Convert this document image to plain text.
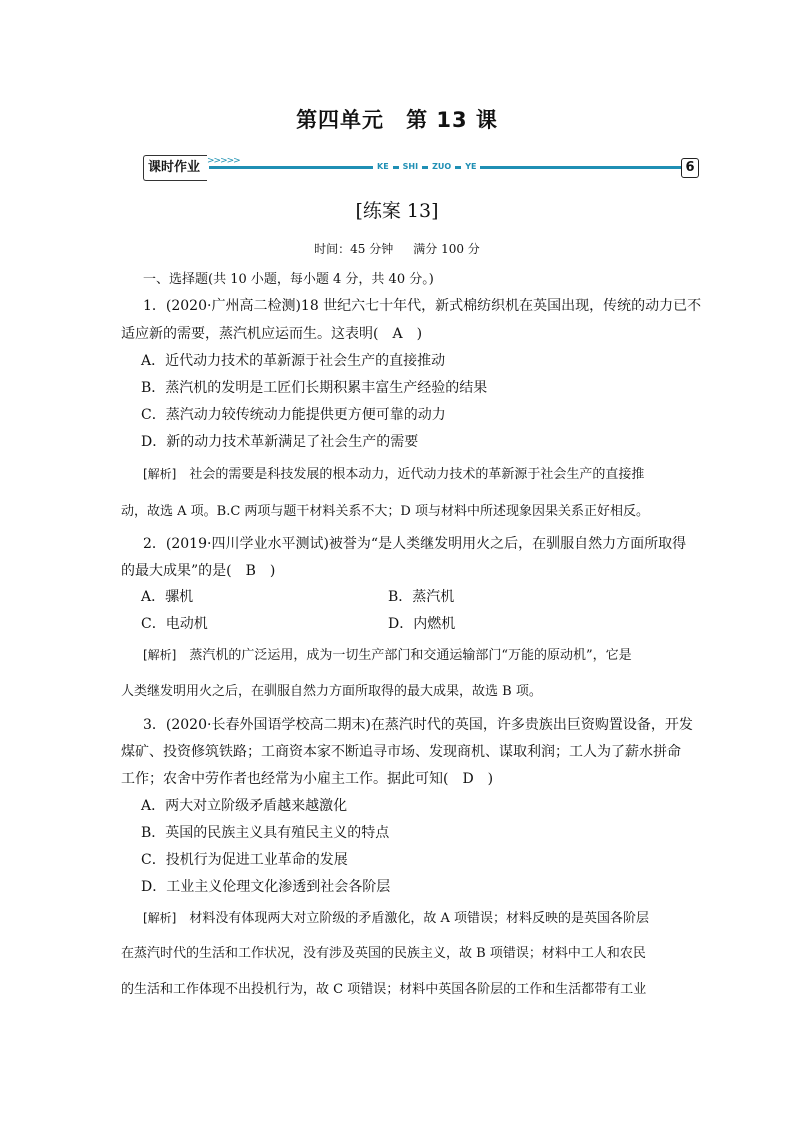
第四单元 第 13 课
课时作业 >>>>>
KE	SHI	ZUO	YE	6
[练案 13]
时间：45 分钟 满分 100 分
一、选择题(共 10 小题，每小题 4 分，共 40 分。)
1．(2020·广州高二检测)18 世纪六七十年代，新式棉纺织机在英国出现，传统的动力已不
适应新的需要，蒸汽机应运而生。这表明(　A　)
A．近代动力技术的革新源于社会生产的直接推动
B．蒸汽机的发明是工匠们长期积累丰富生产经验的结果
C．蒸汽动力较传统动力能提供更方便可靠的动力
D．新的动力技术革新满足了社会生产的需要
[解析]　 社会的需要是科技发展的根本动力，近代动力技术的革新源于社会生产的直接推
动，故选 A 项。B.C 两项与题干材料关系不大；D 项与材料中所述现象因果关系正好相反。
2．(2019·四川学业水平测试)被誉为“是人类继发明用火之后，在驯服自然力方面所取得
的最大成果”的是(　B　)
A．骡机	B．蒸汽机
C．电动机	D．内燃机
[解析]　 蒸汽机的广泛运用，成为一切生产部门和交通运输部门“万能的原动机”，它是
人类继发明用火之后，在驯服自然力方面所取得的最大成果，故选 B 项。
3．(2020·长春外国语学校高二期末)在蒸汽时代的英国，许多贵族出巨资购置设备，开发
煤矿、投资修筑铁路；工商资本家不断追寻市场、发现商机、谋取利润；工人为了薪水拼命
工作；农舍中劳作者也经常为小雇主工作。据此可知(　D　)
A．两大对立阶级矛盾越来越激化
B．英国的民族主义具有殖民主义的特点
C．投机行为促进工业革命的发展
D．工业主义伦理文化渗透到社会各阶层
[解析]　 材料没有体现两大对立阶级的矛盾激化，故 A 项错误；材料反映的是英国各阶层
在蒸汽时代的生活和工作状况，没有涉及英国的民族主义，故 B 项错误；材料中工人和农民
的生活和工作体现不出投机行为，故 C 项错误；材料中英国各阶层的工作和生活都带有工业
